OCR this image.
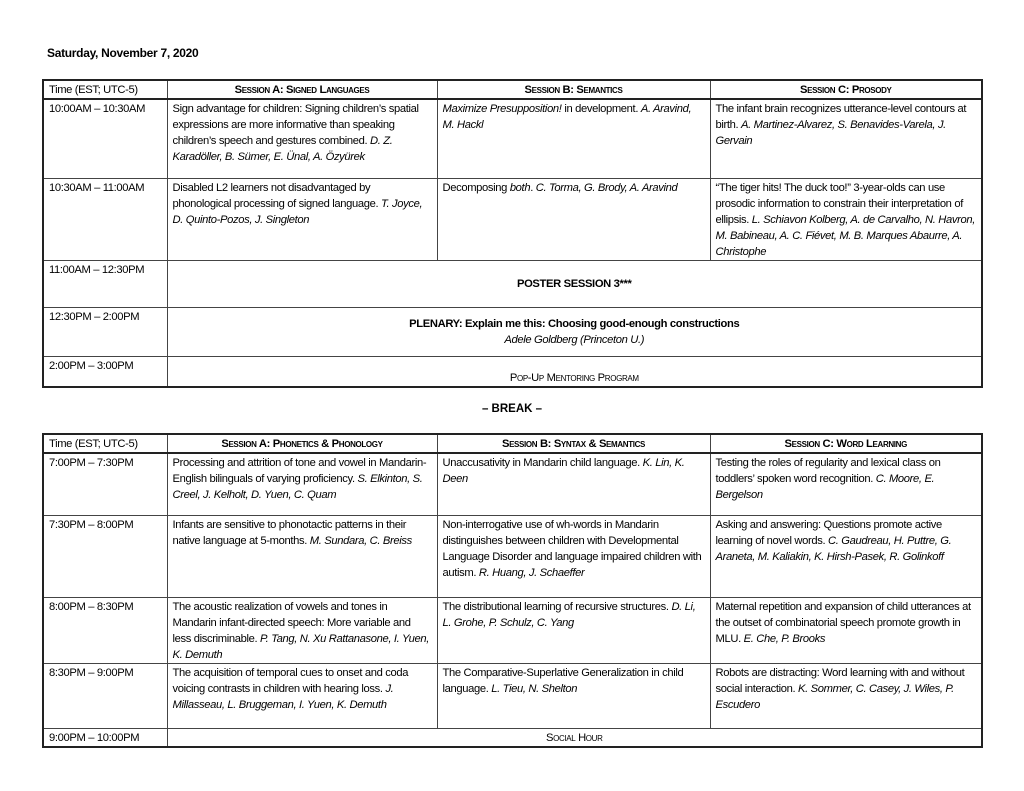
Saturday, November 7, 2020
Time (EST; UTC-5)	Session A: Signed Languages	Session B: Semantics	Session C: Prosody
10:00AM – 10:30AM	Sign advantage for children: Signing children’s spatial expressions are more informative than speaking children’s speech and gestures combined. D. Z. Karadöller, B. Sümer, E. Ünal, A. Özyürek	Maximize Presupposition! in development. A. Aravind, M. Hackl	The infant brain recognizes utterance-level contours at birth. A. Martinez-Alvarez, S. Benavides-Varela, J. Gervain
10:30AM – 11:00AM	Disabled L2 learners not disadvantaged by phonological processing of signed language. T. Joyce, D. Quinto-Pozos, J. Singleton	Decomposing both. C. Torma, G. Brody, A. Aravind	“The tiger hits! The duck too!” 3-year-olds can use prosodic information to constrain their interpretation of ellipsis. L. Schiavon Kolberg, A. de Carvalho, N. Havron, M. Babineau, A. C. Fiévet, M. B. Marques Abaurre, A. Christophe
11:00AM – 12:30PM	POSTER SESSION 3***		
12:30PM – 2:00PM	PLENARY: Explain me this: Choosing good-enough constructions
Adele Goldberg (Princeton U.)		

2:00PM – 3:00PM	Pop-Up Mentoring Program		
– BREAK –
Time (EST; UTC-5)	Session A: Phonetics & Phonology	Session B: Syntax & Semantics	Session C: Word Learning
7:00PM – 7:30PM	Processing and attrition of tone and vowel in Mandarin-English bilinguals of varying proficiency. S. Elkinton, S. Creel, J. Kelholt, D. Yuen, C. Quam	Unaccusativity in Mandarin child language. K. Lin, K. Deen	Testing the roles of regularity and lexical class on toddlers’ spoken word recognition. C. Moore, E. Bergelson
7:30PM – 8:00PM	Infants are sensitive to phonotactic patterns in their native language at 5-months. M. Sundara, C. Breiss	Non-interrogative use of wh-words in Mandarin distinguishes between children with Developmental Language Disorder and language impaired children with autism. R. Huang, J. Schaeffer	Asking and answering: Questions promote active learning of novel words. C. Gaudreau, H. Puttre, G. Araneta, M. Kaliakin, K. Hirsh-Pasek, R. Golinkoff
8:00PM – 8:30PM	The acoustic realization of vowels and tones in Mandarin infant-directed speech: More variable and less discriminable. P. Tang, N. Xu Rattanasone, I. Yuen, K. Demuth	The distributional learning of recursive structures. D. Li, L. Grohe, P. Schulz, C. Yang	Maternal repetition and expansion of child utterances at the outset of combinatorial speech promote growth in MLU. E. Che, P. Brooks
8:30PM – 9:00PM	The acquisition of temporal cues to onset and coda voicing contrasts in children with hearing loss. J. Millasseau, L. Bruggeman, I. Yuen, K. Demuth	The Comparative-Superlative Generalization in child language. L. Tieu, N. Shelton	Robots are distracting: Word learning with and without social interaction. K. Sommer, C. Casey, J. Wiles, P. Escudero
9:00PM – 10:00PM	Social Hour		
